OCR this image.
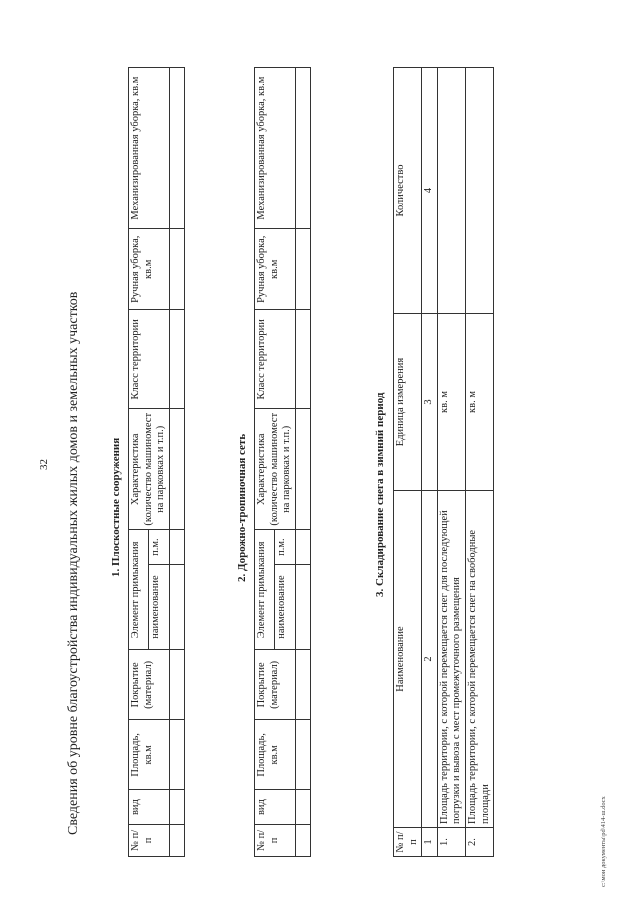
32 Сведения об уровне благоустройства индивидуальных жилых домов и земельных участков	1. Плоскостные сооружения
№ п/п	вид	Площадь, кв.м	Покрытие (материал)	Элемент примыкания		Характеристика (количество машиномест на парковках и т.п.)	Класс территории	Ручная уборка, кв.м	Механизированная уборка, кв.м
				наименование	п.м.				
										2. Дорожно-тропиночная сеть
№ п/п	вид	Площадь, кв.м	Покрытие (материал)	Элемент примыкания		Характеристика (количество машиномест на парковках и т.п.)	Класс территории	Ручная уборка, кв.м	Механизированная уборка, кв.м
				наименование	п.м.				
										3. Складирование снега в зимний период
№ п/п	Наименование	Единица измерения	Количество
1	2	3	4
1.	Площадь территории, с которой перемещается снег для последующей погрузки и вывоза с мест промежуточного размещения	кв. м	
2.	Площадь территории, с которой перемещается снег на свободные площади	кв. м	
c:\мои документы\pd\414-ш.docx
